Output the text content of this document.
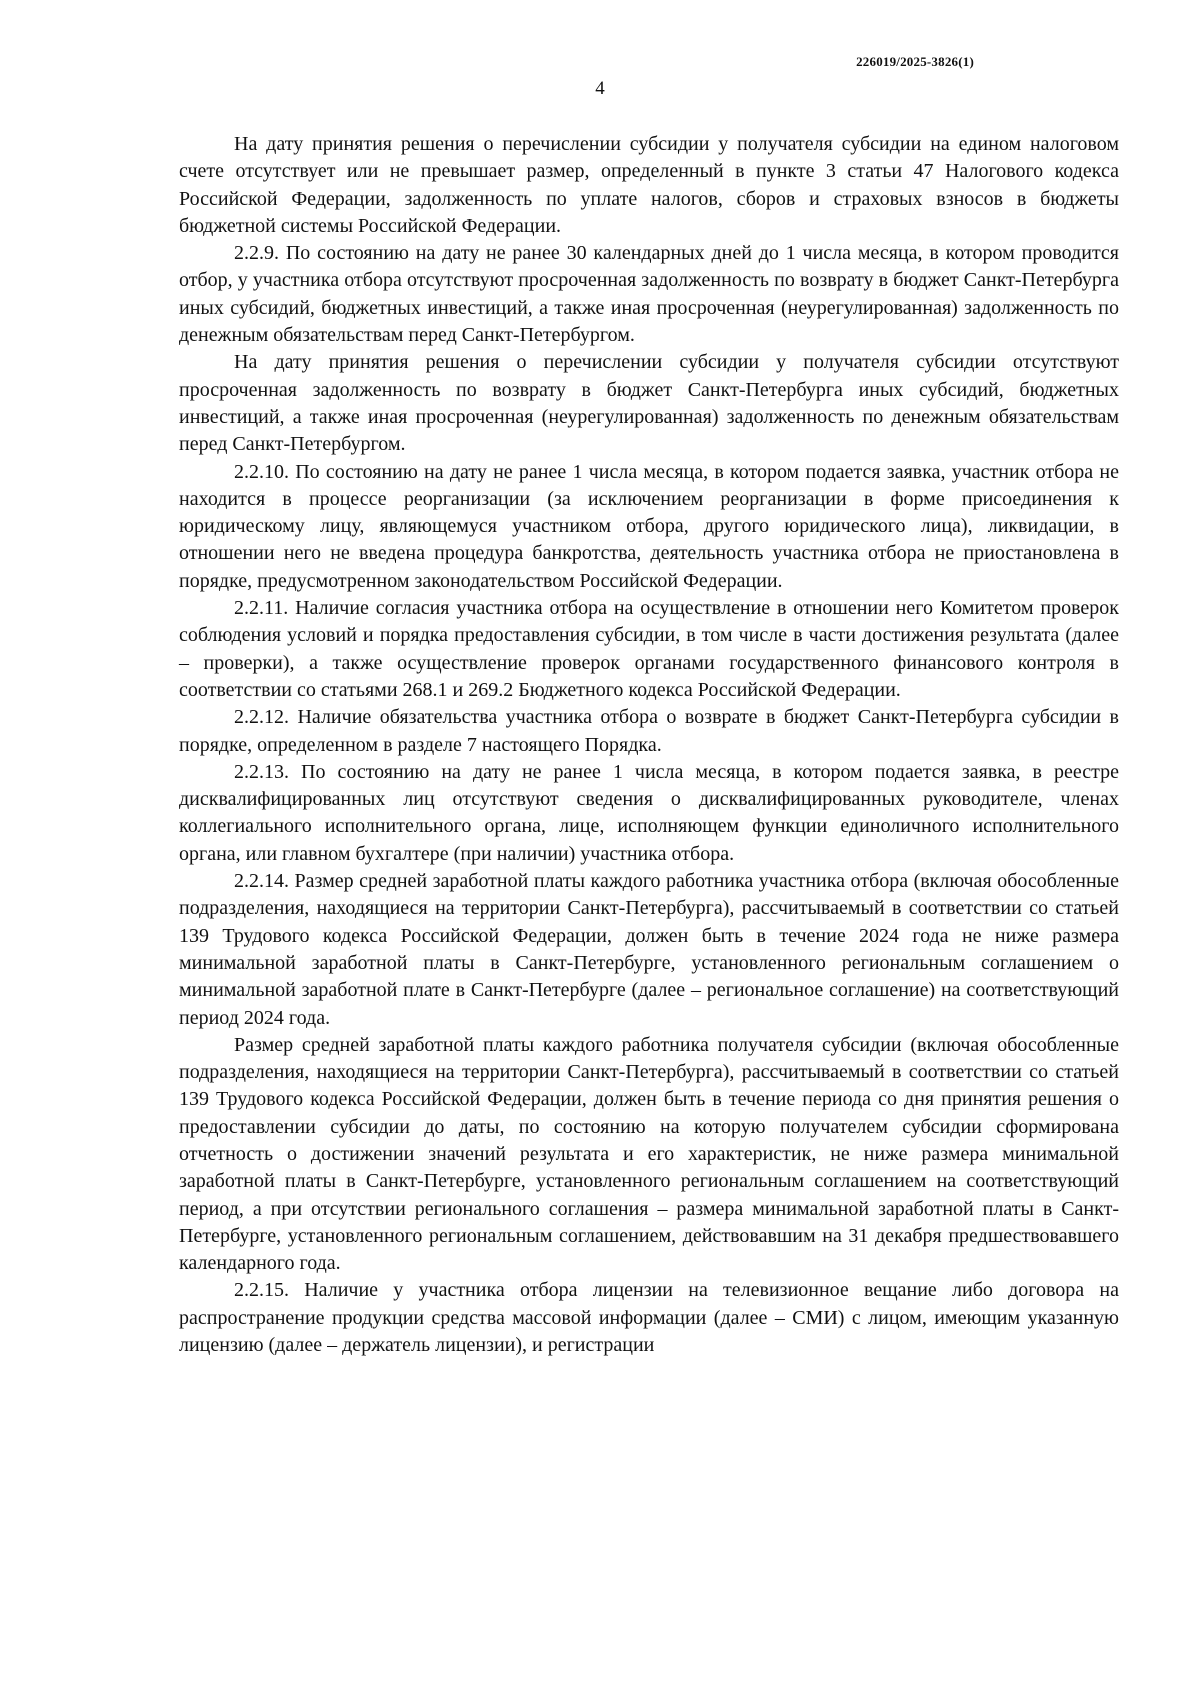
226019/2025-3826(1)
4

На дату принятия решения о перечислении субсидии у получателя субсидии на едином налоговом счете отсутствует или не превышает размер, определенный в пункте 3 статьи 47 Налогового кодекса Российской Федерации, задолженность по уплате налогов, сборов и страховых взносов в бюджеты бюджетной системы Российской Федерации.

2.2.9. По состоянию на дату не ранее 30 календарных дней до 1 числа месяца, в котором проводится отбор, у участника отбора отсутствуют просроченная задолженность по возврату в бюджет Санкт-Петербурга иных субсидий, бюджетных инвестиций, а также иная просроченная (неурегулированная) задолженность по денежным обязательствам перед Санкт-Петербургом.

На дату принятия решения о перечислении субсидии у получателя субсидии отсутствуют просроченная задолженность по возврату в бюджет Санкт-Петербурга иных субсидий, бюджетных инвестиций, а также иная просроченная (неурегулированная) задолженность по денежным обязательствам перед Санкт-Петербургом.

2.2.10. По состоянию на дату не ранее 1 числа месяца, в котором подается заявка, участник отбора не находится в процессе реорганизации (за исключением реорганизации в форме присоединения к юридическому лицу, являющемуся участником отбора, другого юридического лица), ликвидации, в отношении него не введена процедура банкротства, деятельность участника отбора не приостановлена в порядке, предусмотренном законодательством Российской Федерации.

2.2.11. Наличие согласия участника отбора на осуществление в отношении него Комитетом проверок соблюдения условий и порядка предоставления субсидии, в том числе в части достижения результата (далее – проверки), а также осуществление проверок органами государственного финансового контроля в соответствии со статьями 268.1 и 269.2 Бюджетного кодекса Российской Федерации.

2.2.12. Наличие обязательства участника отбора о возврате в бюджет Санкт-Петербурга субсидии в порядке, определенном в разделе 7 настоящего Порядка.

2.2.13. По состоянию на дату не ранее 1 числа месяца, в котором подается заявка, в реестре дисквалифицированных лиц отсутствуют сведения о дисквалифицированных руководителе, членах коллегиального исполнительного органа, лице, исполняющем функции единоличного исполнительного органа, или главном бухгалтере (при наличии) участника отбора.

2.2.14. Размер средней заработной платы каждого работника участника отбора (включая обособленные подразделения, находящиеся на территории Санкт-Петербурга), рассчитываемый в соответствии со статьей 139 Трудового кодекса Российской Федерации, должен быть в течение 2024 года не ниже размера минимальной заработной платы в Санкт-Петербурге, установленного региональным соглашением о минимальной заработной плате в Санкт-Петербурге (далее – региональное соглашение) на соответствующий период 2024 года.

Размер средней заработной платы каждого работника получателя субсидии (включая обособленные подразделения, находящиеся на территории Санкт-Петербурга), рассчитываемый в соответствии со статьей 139 Трудового кодекса Российской Федерации, должен быть в течение периода со дня принятия решения о предоставлении субсидии до даты, по состоянию на которую получателем субсидии сформирована отчетность о достижении значений результата и его характеристик, не ниже размера минимальной заработной платы в Санкт-Петербурге, установленного региональным соглашением на соответствующий период, а при отсутствии регионального соглашения – размера минимальной заработной платы в Санкт-Петербурге, установленного региональным соглашением, действовавшим на 31 декабря предшествовавшего календарного года.

2.2.15. Наличие у участника отбора лицензии на телевизионное вещание либо договора на распространение продукции средства массовой информации (далее – СМИ) с лицом, имеющим указанную лицензию (далее – держатель лицензии), и регистрации
